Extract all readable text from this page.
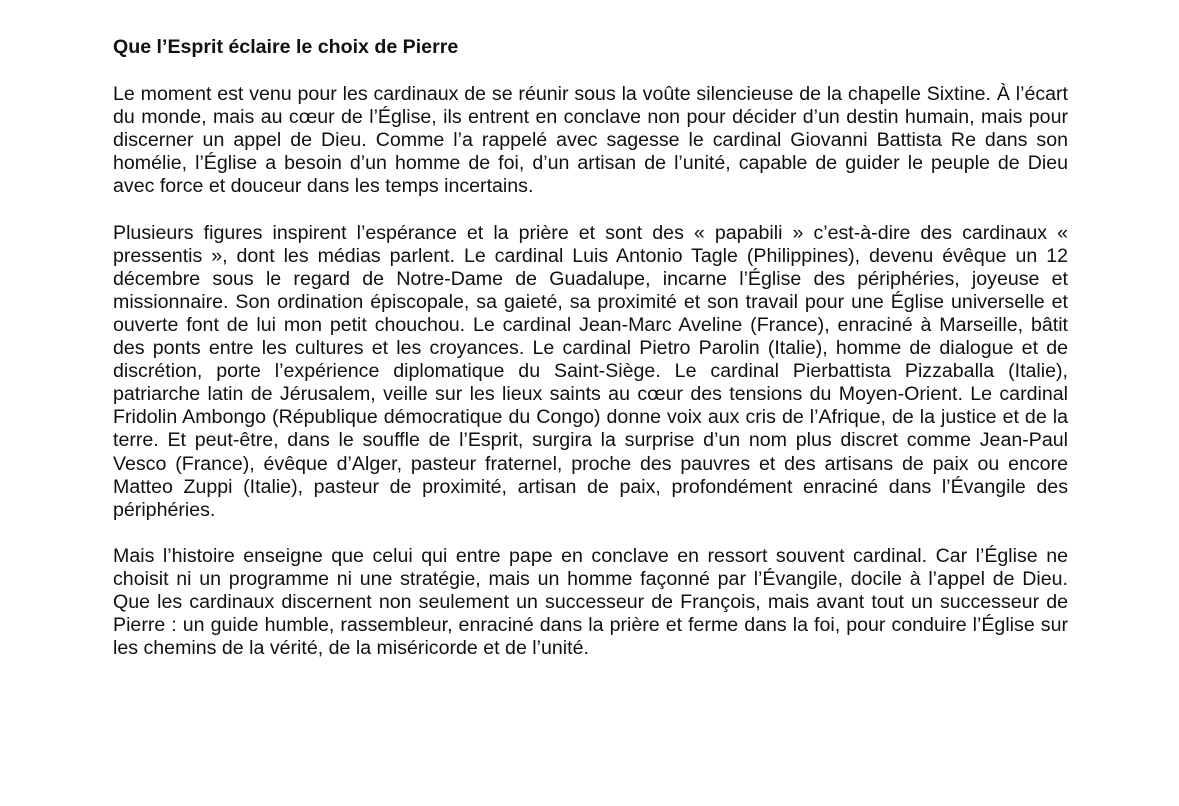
Que l’Esprit éclaire le choix de Pierre

Le moment est venu pour les cardinaux de se réunir sous la voûte silencieuse de la chapelle Sixtine. À l’écart du monde, mais au cœur de l’Église, ils entrent en conclave non pour décider d’un destin humain, mais pour discerner un appel de Dieu. Comme l’a rappelé avec sagesse le cardinal Giovanni Battista Re dans son homélie, l’Église a besoin d’un homme de foi, d’un artisan de l’unité, capable de guider le peuple de Dieu avec force et douceur dans les temps incertains.

Plusieurs figures inspirent l’espérance et la prière et sont des « papabili » c’est-à-dire des cardinaux « pressentis », dont les médias parlent. Le cardinal Luis Antonio Tagle (Philippines), devenu évêque un 12 décembre sous le regard de Notre-Dame de Guadalupe, incarne l’Église des périphéries, joyeuse et missionnaire. Son ordination épiscopale, sa gaieté, sa proximité et son travail pour une Église universelle et ouverte font de lui mon petit chouchou. Le cardinal Jean-Marc Aveline (France), enraciné à Marseille, bâtit des ponts entre les cultures et les croyances. Le cardinal Pietro Parolin (Italie), homme de dialogue et de discrétion, porte l’expérience diplomatique du Saint-Siège. Le cardinal Pierbattista Pizzaballa (Italie), patriarche latin de Jérusalem, veille sur les lieux saints au cœur des tensions du Moyen-Orient. Le cardinal Fridolin Ambongo (République démocratique du Congo) donne voix aux cris de l’Afrique, de la justice et de la terre. Et peut-être, dans le souffle de l’Esprit, surgira la surprise d’un nom plus discret comme Jean-Paul Vesco (France), évêque d’Alger, pasteur fraternel, proche des pauvres et des artisans de paix ou encore Matteo Zuppi (Italie), pasteur de proximité, artisan de paix, profondément enraciné dans l’Évangile des périphéries.

Mais l’histoire enseigne que celui qui entre pape en conclave en ressort souvent cardinal. Car l’Église ne choisit ni un programme ni une stratégie, mais un homme façonné par l’Évangile, docile à l’appel de Dieu. Que les cardinaux discernent non seulement un successeur de François, mais avant tout un successeur de Pierre : un guide humble, rassembleur, enraciné dans la prière et ferme dans la foi, pour conduire l’Église sur les chemins de la vérité, de la miséricorde et de l’unité.
